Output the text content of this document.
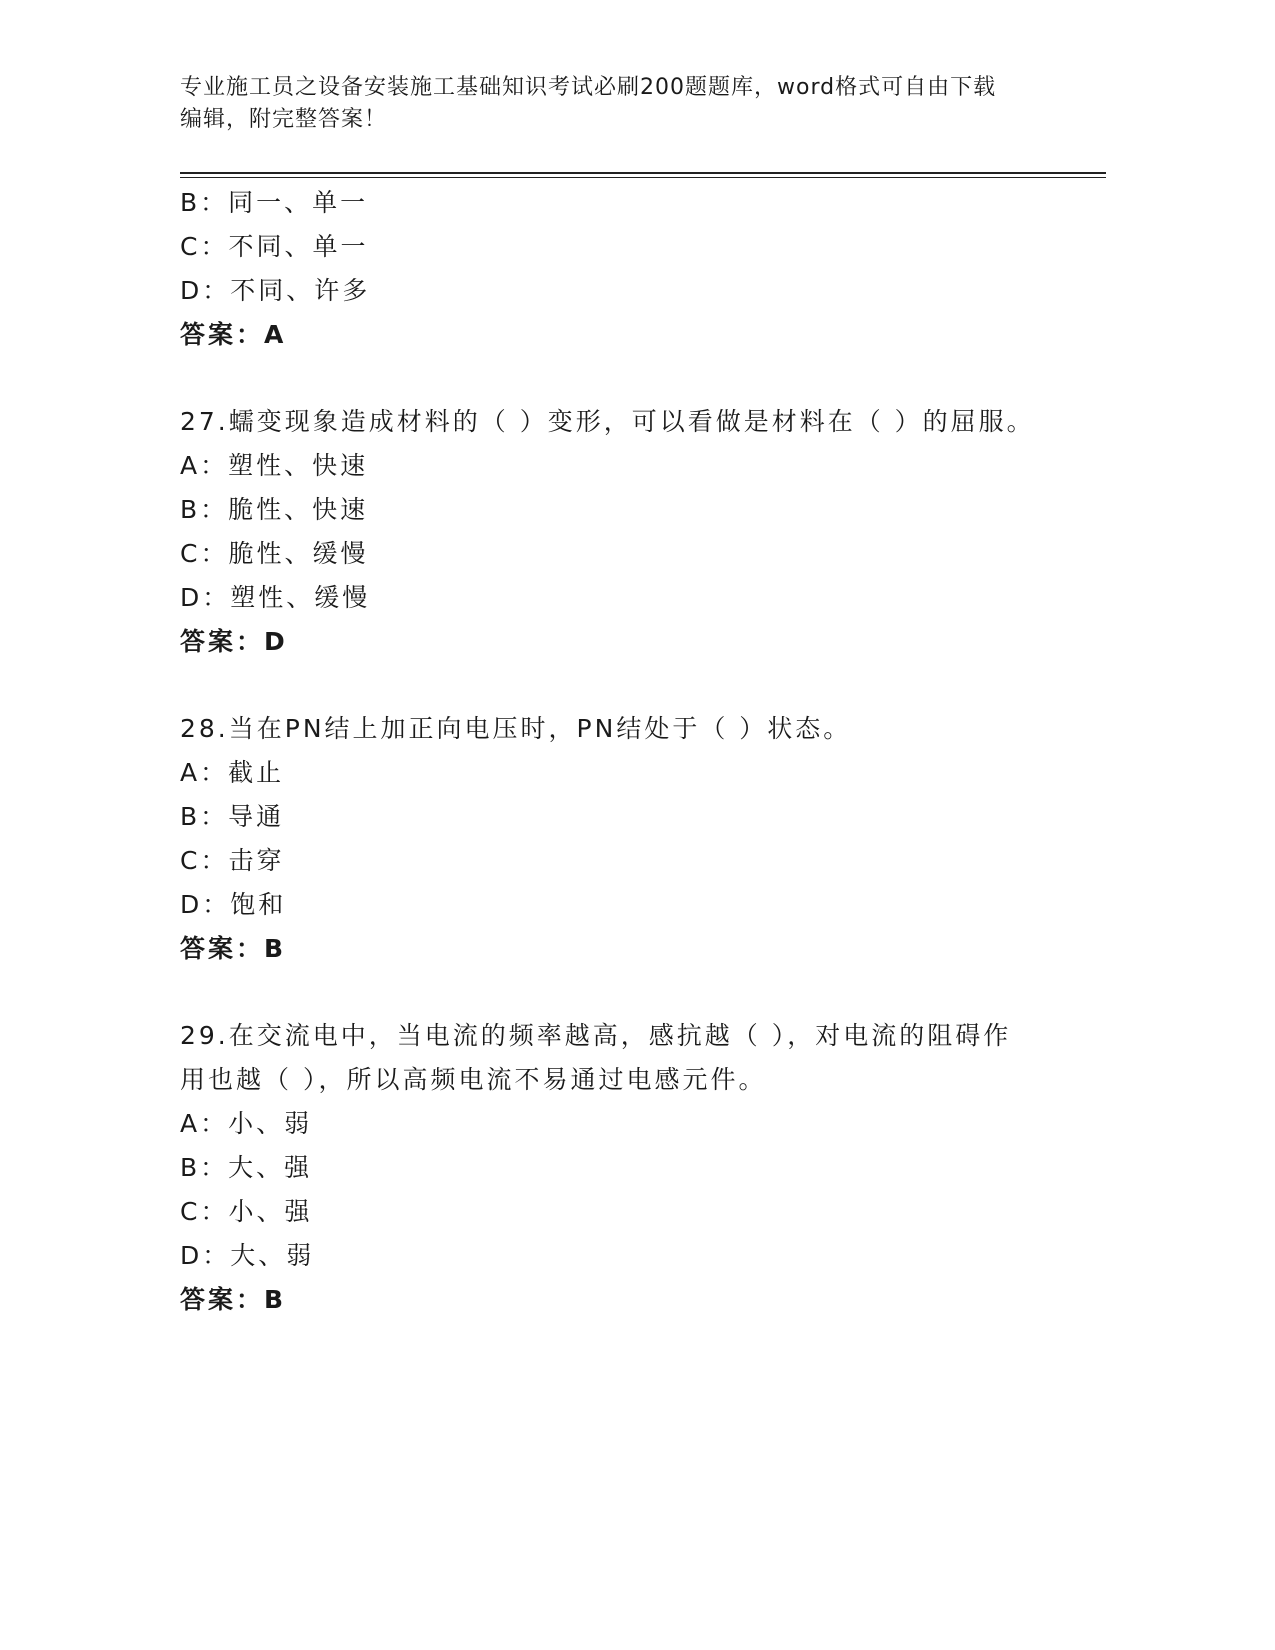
专业施工员之设备安装施工基础知识考试必刷200题题库，word格式可自由下载
编辑，附完整答案！

B：同一、单一

C：不同、单一

D：不同、许多

答案：A

27.蠕变现象造成材料的（ ）变形，可以看做是材料在（ ）的屈服。

A：塑性、快速

B：脆性、快速

C：脆性、缓慢

D：塑性、缓慢

答案：D

28.当在PN结上加正向电压时，PN结处于（ ）状态。

A：截止

B：导通

C：击穿

D：饱和

答案：B

29.在交流电中，当电流的频率越高，感抗越（ ），对电流的阻碍作

用也越（ ），所以高频电流不易通过电感元件。

A：小、弱

B：大、强

C：小、强

D：大、弱

答案：B
